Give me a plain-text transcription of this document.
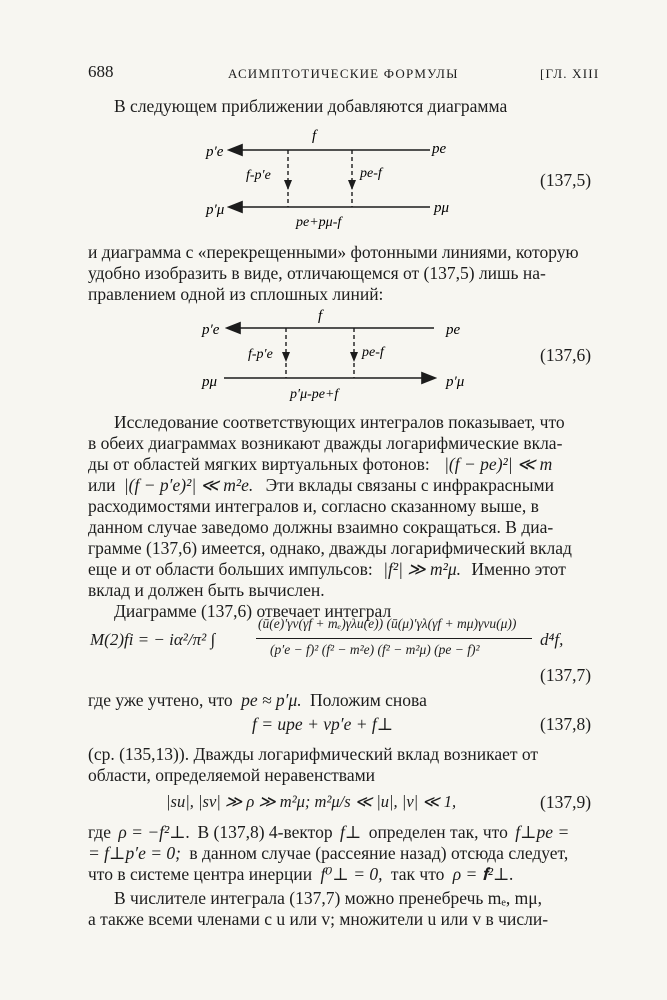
688	АСИМПТОТИЧЕСКИЕ ФОРМУЛЫ	[ГЛ. XIII
В следующем приближении добавляются диаграмма
p′e	pe
f
p′μ	pμ
f-p′e	pe-f
pe+pμ-f
(137,5)
и диаграмма с «перекрещенными» фотонными линиями, которую
удобно изобразить в виде, отличающемся от (137,5) лишь на-
правлением одной из сплошных линий:
p′e	pe
f
pμ	p′μ
f-p′e	pe-f
p′μ-pe+f
(137,6)
Исследование соответствующих интегралов показывает, что
в обеих диаграммах возникают дважды логарифмические вкла-
ды от областей мягких виртуальных фотонов: |(f − pe)²| ≪ m
или |(f − p′e)²| ≪ m²e. Эти вклады связаны с инфракрасными
расходимостями интегралов и, согласно сказанному выше, в
данном случае заведомо должны взаимно сокращаться. В диа-
грамме (137,6) имеется, однако, дважды логарифмический вклад
еще и от области больших импульсов: |f²| ≫ m²μ. Именно этот
вклад и должен быть вычислен.
Диаграмме (137,6) отвечает интеграл
M(2)fi = − iα²/π² ∫
(ū(e)′γν(γf + mₑ)γλu(e)) (ū(μ)′γλ(γf + mμ)γνu(μ))
(p′e − f)² (f² − m²e) (f² − m²μ) (pe − f)²
d⁴f,
(137,7)
где уже учтено, что pe ≈ p′μ. Положим снова
f = upe + vp′e + f⊥	(137,8)
(ср. (135,13)). Дважды логарифмический вклад возникает от
области, определяемой неравенствами
|su|, |sv| ≫ ρ ≫ m²μ; m²μ/s ≪ |u|, |v| ≪ 1,	(137,9)
где ρ = −f²⊥. В (137,8) 4-вектор f⊥ определен так, что f⊥pe =
= f⊥p′e = 0; в данном случае (рассеяние назад) отсюда следует,
что в системе центра инерции f⁰⊥ = 0, так что ρ = 𝐟²⊥.
В числителе интеграла (137,7) можно пренебречь mₑ, mμ,
а также всеми членами с u или v; множители u или v в числи-
